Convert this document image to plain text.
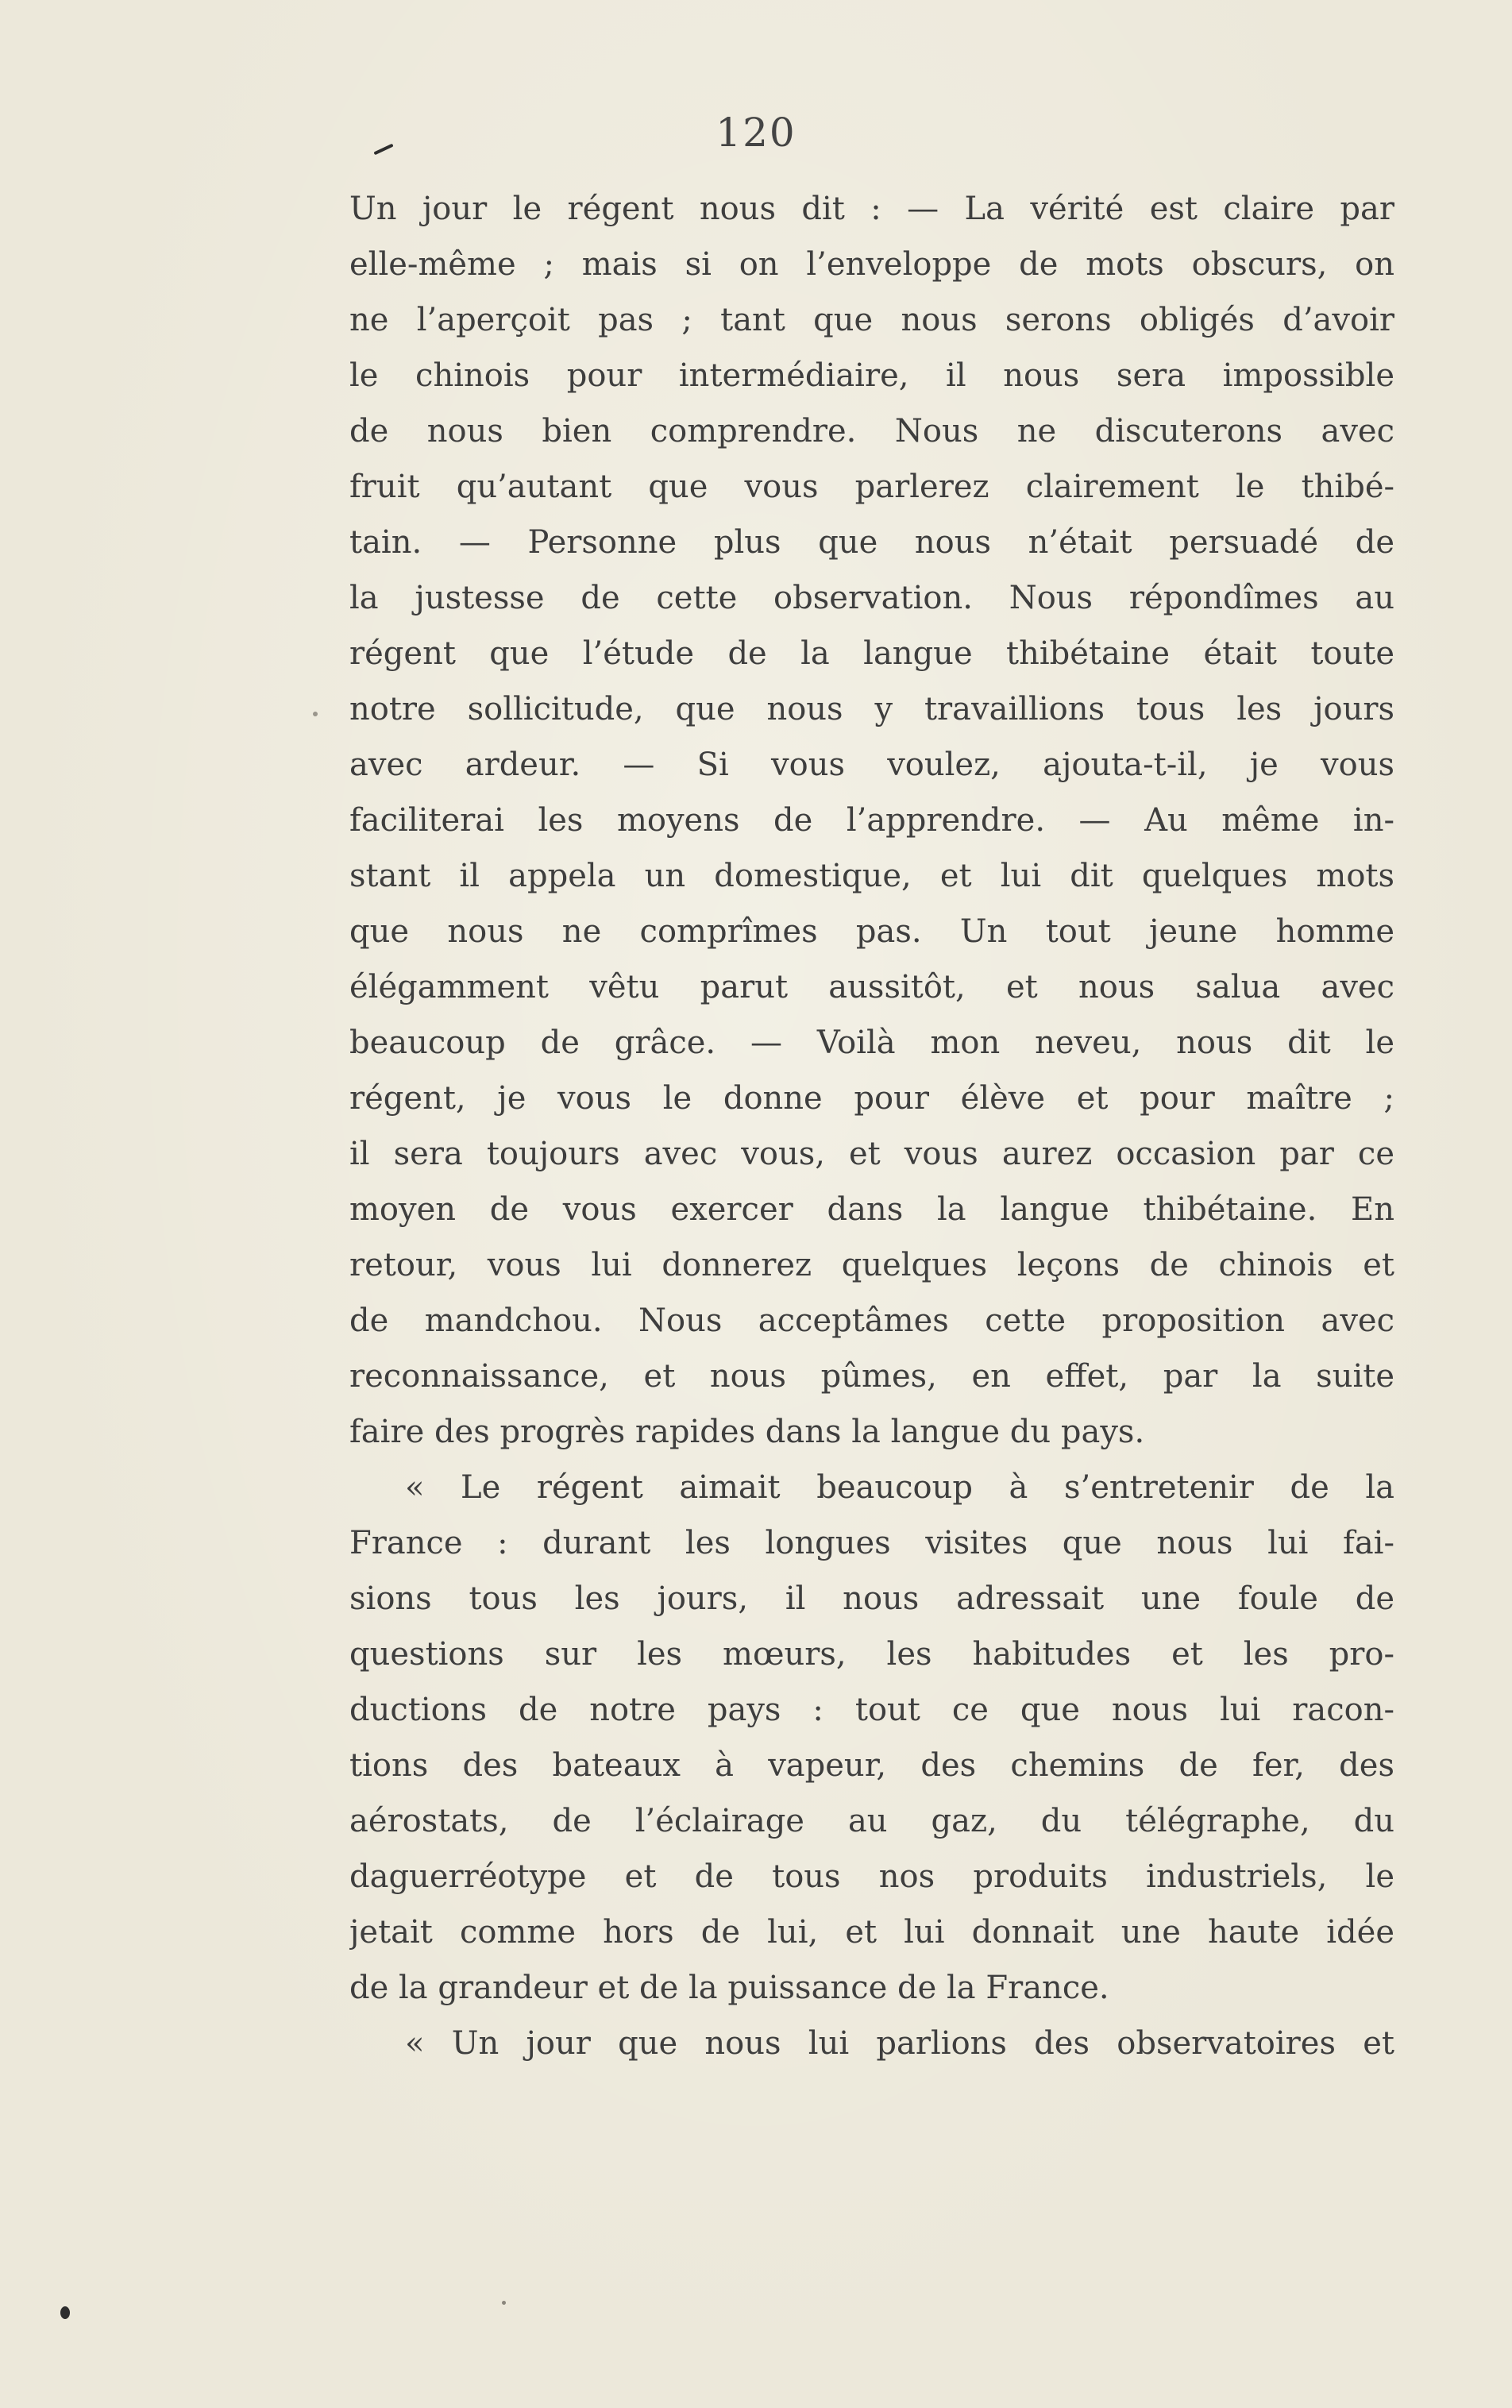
120
Un jour le régent nous dit : — La vérité est claire par
elle-même ; mais si on l’enveloppe de mots obscurs, on
ne l’aperçoit pas ; tant que nous serons obligés d’avoir
le chinois pour intermédiaire, il nous sera impossible
de nous bien comprendre. Nous ne discuterons avec
fruit qu’autant que vous parlerez clairement le thibé-
tain. — Personne plus que nous n’était persuadé de
la justesse de cette observation. Nous répondîmes au
régent que l’étude de la langue thibétaine était toute
notre sollicitude, que nous y travaillions tous les jours
avec ardeur. — Si vous voulez, ajouta-t-il, je vous
faciliterai les moyens de l’apprendre. — Au même in-
stant il appela un domestique, et lui dit quelques mots
que nous ne comprîmes pas. Un tout jeune homme
élégamment vêtu parut aussitôt, et nous salua avec
beaucoup de grâce. — Voilà mon neveu, nous dit le
régent, je vous le donne pour élève et pour maître ;
il sera toujours avec vous, et vous aurez occasion par ce
moyen de vous exercer dans la langue thibétaine. En
retour, vous lui donnerez quelques leçons de chinois et
de mandchou. Nous acceptâmes cette proposition avec
reconnaissance, et nous pûmes, en effet, par la suite
faire des progrès rapides dans la langue du pays.
« Le régent aimait beaucoup à s’entretenir de la
France : durant les longues visites que nous lui fai-
sions tous les jours, il nous adressait une foule de
questions sur les mœurs, les habitudes et les pro-
ductions de notre pays : tout ce que nous lui racon-
tions des bateaux à vapeur, des chemins de fer, des
aérostats, de l’éclairage au gaz, du télégraphe, du
daguerréotype et de tous nos produits industriels, le
jetait comme hors de lui, et lui donnait une haute idée
de la grandeur et de la puissance de la France.
« Un jour que nous lui parlions des observatoires et
